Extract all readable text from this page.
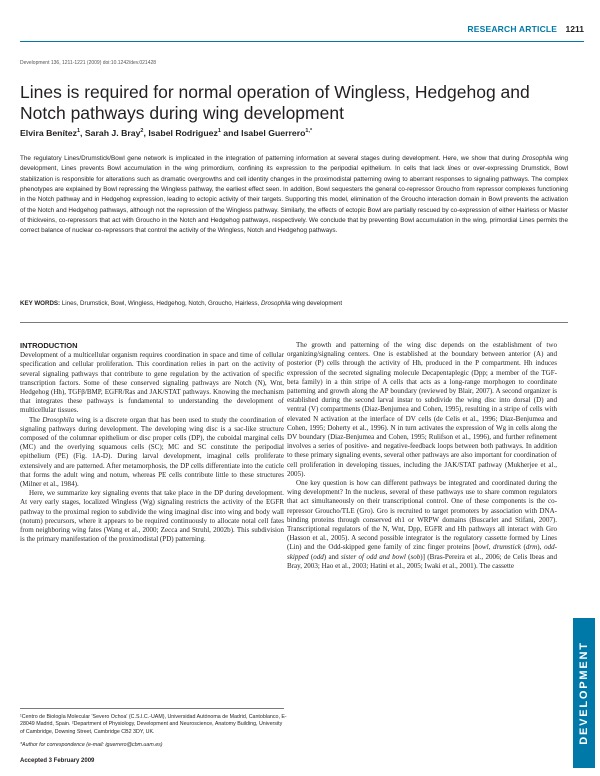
RESEARCH ARTICLE 1211
Development 136, 1211-1221 (2009) doi:10.1242/dev.021428
Lines is required for normal operation of Wingless, Hedgehog and Notch pathways during wing development
Elvira Benítez$^1$, Sarah J. Bray$^2$, Isabel Rodriguez$^1$ and Isabel Guerrero$^{1,*}$
The regulatory Lines/Drumstick/Bowl gene network is implicated in the integration of patterning information at several stages during development. Here, we show that during Drosophila wing development, Lines prevents Bowl accumulation in the wing primordium, confining its expression to the peripodial epithelium. In cells that lack lines or over-expressing Drumstick, Bowl stabilization is responsible for alterations such as dramatic overgrowths and cell identity changes in the proximodistal patterning owing to aberrant responses to signaling pathways. The complex phenotypes are explained by Bowl repressing the Wingless pathway, the earliest effect seen. In addition, Bowl sequesters the general co-repressor Groucho from repressor complexes functioning in the Notch pathway and in Hedgehog expression, leading to ectopic activity of their targets. Supporting this model, elimination of the Groucho interaction domain in Bowl prevents the activation of the Notch and Hedgehog pathways, although not the repression of the Wingless pathway. Similarly, the effects of ectopic Bowl are partially rescued by co-expression of either Hairless or Master of thickveins, co-repressors that act with Groucho in the Notch and Hedgehog pathways, respectively. We conclude that by preventing Bowl accumulation in the wing, primordial Lines permits the correct balance of nuclear co-repressors that control the activity of the Wingless, Notch and Hedgehog pathways.
KEY WORDS: Lines, Drumstick, Bowl, Wingless, Hedgehog, Notch, Groucho, Hairless, Drosophila wing development
INTRODUCTION

Development of a multicellular organism requires coordination in space and time of cellular specification and cellular proliferation. This coordination relies in part on the activity of several signaling pathways that contribute to gene regulation by the activation of specific transcription factors. Some of these conserved signaling pathways are Notch (N), Wnt, Hedgehog (Hh), TGFβ/BMP, EGFR/Ras and JAK/STAT pathways. Knowing the mechanism that integrates these pathways is fundamental to understanding the development of multicellular tissues.

The Drosophila wing is a discrete organ that has been used to study the coordination of signaling pathways during development. The developing wing disc is a sac-like structure composed of the columnar epithelium or disc proper cells (DP), the cuboidal marginal cells (MC) and the overlying squamous cells (SC); MC and SC constitute the peripodial epithelium (PE) (Fig. 1A-D). During larval development, imaginal cells proliferate extensively and are patterned. After metamorphosis, the DP cells differentiate into the cuticle that forms the adult wing and notum, whereas PE cells contribute little to these structures (Milner et al., 1984).

Here, we summarize key signaling events that take place in the DP during development. At very early stages, localized Wingless (Wg) signaling restricts the activity of the EGFR pathway to the proximal region to subdivide the wing imaginal disc into wing and body wall (notum) precursors, where it appears to be required continuously to allocate notal cell fates from neighboring wing fates (Wang et al., 2000; Zecca and Struhl, 2002b). This subdivision is the primary manifestation of the proximodistal (PD) patterning.

The growth and patterning of the wing disc depends on the establishment of two organizing/signaling centers. One is established at the boundary between anterior (A) and posterior (P) cells through the activity of Hh, produced in the P compartment. Hh induces expression of the secreted signaling molecule Decapentaplegic (Dpp; a member of the TGF-beta family) in a thin stripe of A cells that acts as a long-range morphogen to coordinate patterning and growth along the AP boundary (reviewed by Blair, 2007). A second organizer is established during the second larval instar to subdivide the wing disc into dorsal (D) and ventral (V) compartments (Diaz-Benjumea and Cohen, 1995), resulting in a stripe of cells with elevated N activation at the interface of DV cells (de Celis et al., 1996; Diaz-Benjumea and Cohen, 1995; Doherty et al., 1996). N in turn activates the expression of Wg in cells along the DV boundary (Diaz-Benjumea and Cohen, 1995; Rulifson et al., 1996), and further refinement involves a series of positive- and negative-feedback loops between both pathways. In addition to these primary signaling events, several other pathways are also important for coordination of cell proliferation in developing tissues, including the JAK/STAT pathway (Mukherjee et al., 2005).

One key question is how can different pathways be integrated and coordinated during the wing development? In the nucleus, several of these pathways use to share common regulators that act simultaneously on their transcriptional control. One of these components is the co-repressor Groucho/TLE (Gro). Gro is recruited to target promoters by association with DNA-binding proteins through conserved eh1 or WRPW domains (Buscarlet and Stifani, 2007). Transcriptional regulators of the N, Wnt, Dpp, EGFR and Hh pathways all interact with Gro (Hasson et al., 2005). A second possible integrator is the regulatory cassette formed by Lines (Lin) and the Odd-skipped gene family of zinc finger proteins [bowl, drumstick (drm), odd-skipped (odd) and sister of odd and bowl (sob)] (Bras-Pereira et al., 2006; de Celis Ibeas and Bray, 2003; Hao et al., 2003; Hatini et al., 2005; Iwaki et al., 2001). The cassette

¹Centro de Biología Molecular 'Severo Ochoa' (C.S.I.C.-UAM), Universidad Autónoma de Madrid, Cantoblanco, E-28049 Madrid, Spain. ²Department of Physiology, Development and Neuroscience, Anatomy Building, University of Cambridge, Downing Street, Cambridge CB2 3DY, UK.
*Author for correspondence (e-mail: iguerrero@cbm.uam.es)
Accepted 3 February 2009
DEVELOPMENT
